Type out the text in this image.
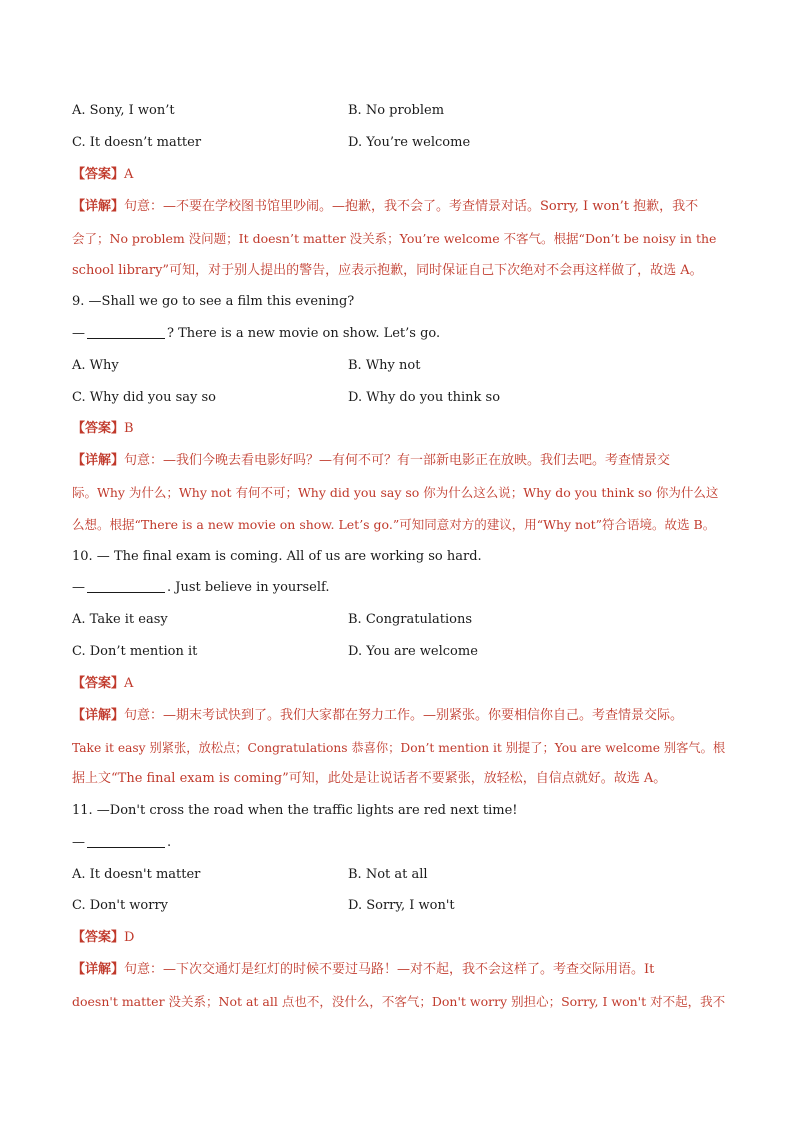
A. Sony, I won’t	B. No problem
C. It doesn’t matter	D. You’re welcome
【答案】A
【详解】句意：—不要在学校图书馆里吵闹。—抱歉，我不会了。考查情景对话。Sorry, I won’t 抱歉，我不
会了；No problem 没问题；It doesn’t matter 没关系；You’re welcome 不客气。根据“Don’t be noisy in the
school library”可知，对于别人提出的警告，应表示抱歉，同时保证自己下次绝对不会再这样做了，故选 A。
9. —Shall we go to see a film this evening?
—	? There is a new movie on show. Let’s go.
A. Why	B. Why not
C. Why did you say so	D. Why do you think so
【答案】B
【详解】句意：—我们今晚去看电影好吗？—有何不可？有一部新电影正在放映。我们去吧。考查情景交
际。Why 为什么；Why not 有何不可；Why did you say so 你为什么这么说；Why do you think so 你为什么这
么想。根据“There is a new movie on show. Let’s go.”可知同意对方的建议，用“Why not”符合语境。故选 B。
10. — The final exam is coming. All of us are working so hard.
—	. Just believe in yourself.
A. Take it easy	B. Congratulations
C. Don’t mention it	D. You are welcome
【答案】A
【详解】句意：—期末考试快到了。我们大家都在努力工作。—别紧张。你要相信你自己。考查情景交际。
Take it easy 别紧张，放松点；Congratulations 恭喜你；Don’t mention it 别提了；You are welcome 别客气。根
据上文“The final exam is coming”可知，此处是让说话者不要紧张，放轻松，自信点就好。故选 A。
11. —Don't cross the road when the traffic lights are red next time!
—	.
A. It doesn't matter	B. Not at all
C. Don't worry	D. Sorry, I won't
【答案】D
【详解】句意：—下次交通灯是红灯的时候不要过马路！—对不起，我不会这样了。考查交际用语。It
doesn't matter 没关系；Not at all 点也不，没什么，不客气；Don't worry 别担心；Sorry, I won't 对不起，我不
